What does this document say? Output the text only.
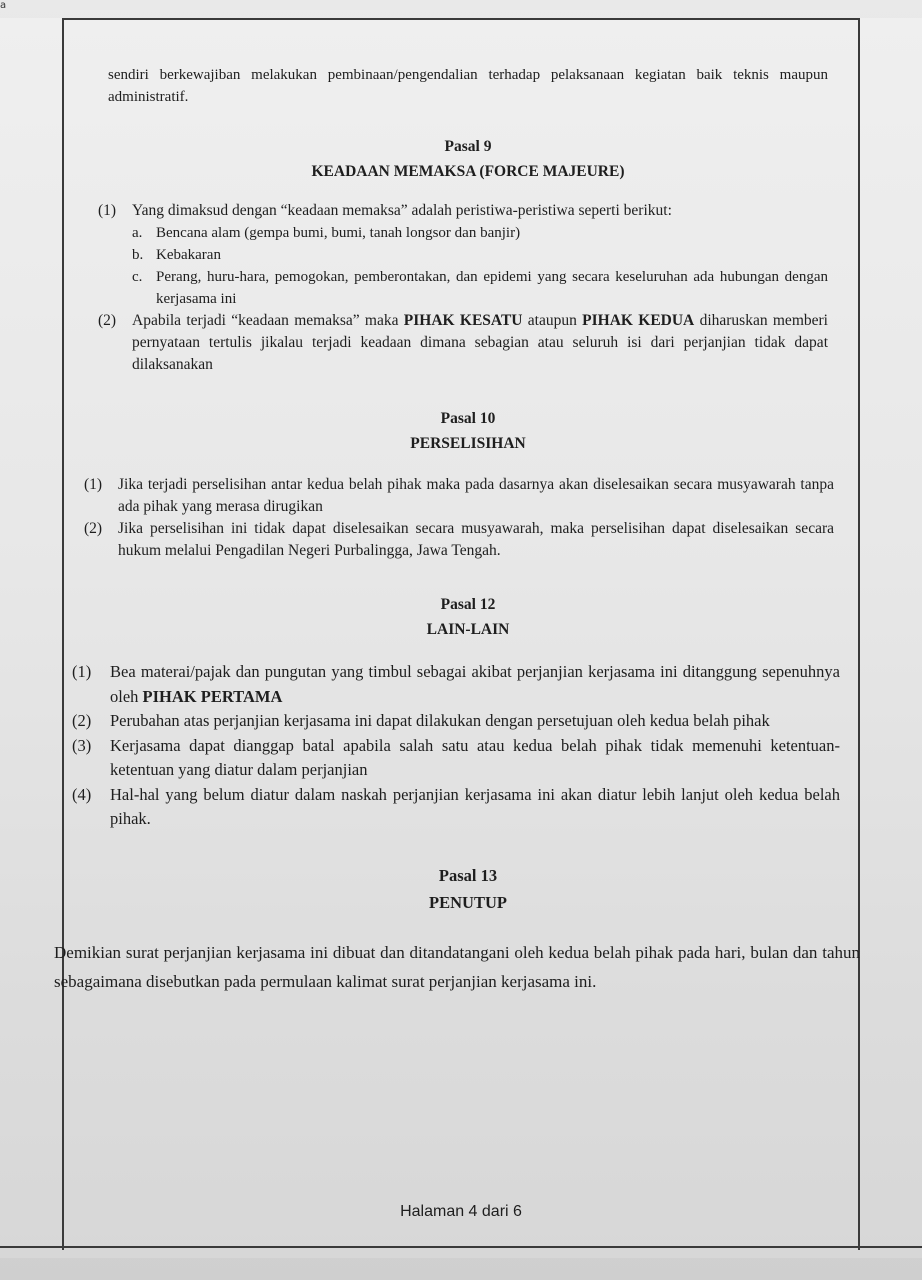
a
sendiri berkewajiban melakukan pembinaan/pengendalian terhadap pelaksanaan kegiatan baik teknis maupun administratif.
Pasal 9
KEADAAN MEMAKSA (FORCE MAJEURE)
(1)	Yang dimaksud dengan “keadaan memaksa” adalah peristiwa-peristiwa seperti berikut:
a. Bencana alam (gempa bumi, bumi, tanah longsor dan banjir)
b. Kebakaran
c. Perang, huru-hara, pemogokan, pemberontakan, dan epidemi yang secara keseluruhan ada hubungan dengan kerjasama ini
(2)	Apabila terjadi “keadaan memaksa” maka PIHAK KESATU ataupun PIHAK KEDUA diharuskan memberi pernyataan tertulis jikalau terjadi keadaan dimana sebagian atau seluruh isi dari perjanjian tidak dapat dilaksanakan
Pasal 10
PERSELISIHAN
(1)	Jika terjadi perselisihan antar kedua belah pihak maka pada dasarnya akan diselesaikan secara musyawarah tanpa ada pihak yang merasa dirugikan
(2)	Jika perselisihan ini tidak dapat diselesaikan secara musyawarah, maka perselisihan dapat diselesaikan secara hukum melalui Pengadilan Negeri Purbalingga, Jawa Tengah.
Pasal 12
LAIN-LAIN
(1)	Bea materai/pajak dan pungutan yang timbul sebagai akibat perjanjian kerjasama ini ditanggung sepenuhnya oleh PIHAK PERTAMA
(2)	Perubahan atas perjanjian kerjasama ini dapat dilakukan dengan persetujuan oleh kedua belah pihak
(3)	Kerjasama dapat dianggap batal apabila salah satu atau kedua belah pihak tidak memenuhi ketentuan-ketentuan yang diatur dalam perjanjian
(4)	Hal-hal yang belum diatur dalam naskah perjanjian kerjasama ini akan diatur lebih lanjut oleh kedua belah pihak.
Pasal 13
PENUTUP
Demikian surat perjanjian kerjasama ini dibuat dan ditandatangani oleh kedua belah pihak pada hari, bulan dan tahun sebagaimana disebutkan pada permulaan kalimat surat perjanjian kerjasama ini.
Halaman 4 dari 6
